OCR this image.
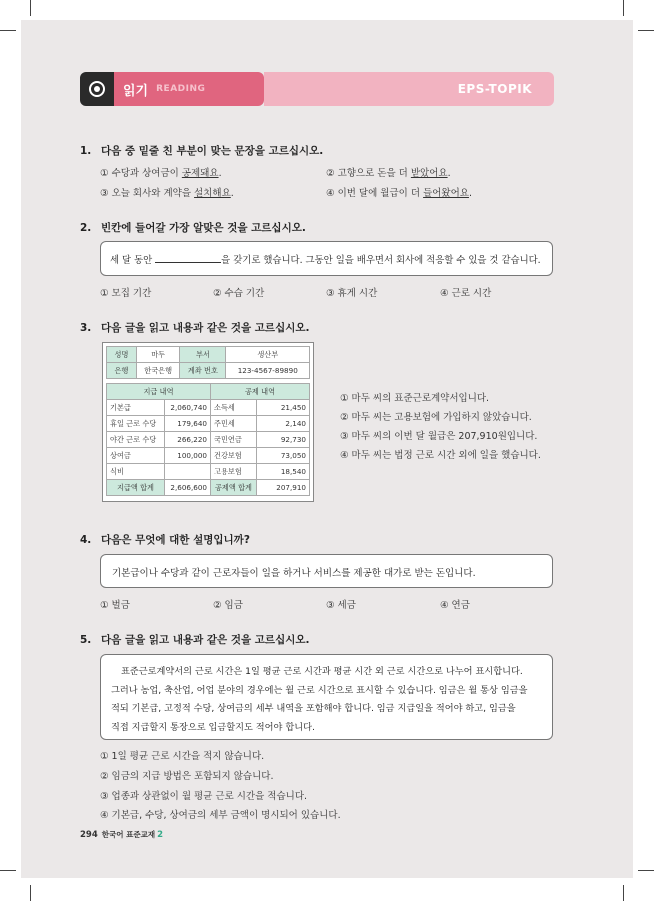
읽기 READING	EPS-TOPIK
1. 다음 중 밑줄 친 부분이 맞는 문장을 고르십시오.
① 수당과 상여금이 공제돼요.	② 고향으로 돈을 더 받았어요.
③ 오늘 회사와 계약을 설치해요.	④ 이번 달에 월급이 더 들어왔어요.
2. 빈칸에 들어갈 가장 알맞은 것을 고르십시오.
세 달 동안	을 갖기로 했습니다. 그동안 일을 배우면서 회사에 적응할 수 있을 것 같습니다.
① 모집 기간	② 수습 기간	③ 휴게 시간	④ 근로 시간
3. 다음 글을 읽고 내용과 같은 것을 고르십시오.
성명	마두	부서	생산부
은행	한국은행	계좌 번호	123-4567-89890
지급 내역		공제 내역	
기본급	2,060,740	소득세	21,450
휴일 근로 수당	179,640	주민세	2,140
야간 근로 수당	266,220	국민연금	92,730
상여금	100,000	건강보험	73,050
식비		고용보험	18,540
지급액 합계	2,606,600	공제액 합계	207,910
① 마두 씨의 표준근로계약서입니다.
② 마두 씨는 고용보험에 가입하지 않았습니다.
③ 마두 씨의 이번 달 월급은 207,910원입니다.
④ 마두 씨는 법정 근로 시간 외에 일을 했습니다.
4. 다음은 무엇에 대한 설명입니까?
기본급이나 수당과 같이 근로자들이 일을 하거나 서비스를 제공한 대가로 받는 돈입니다.
① 벌금	② 임금	③ 세금	④ 연금
5. 다음 글을 읽고 내용과 같은 것을 고르십시오.
표준근로계약서의 근로 시간은 1일 평균 근로 시간과 평균 시간 외 근로 시간으로 나누어 표시합니다.
그러나 농업, 축산업, 어업 분야의 경우에는 월 근로 시간으로 표시할 수 있습니다. 임금은 월 통상 임금을
적되 기본급, 고정적 수당, 상여금의 세부 내역을 포함해야 합니다. 임금 지급일을 적어야 하고, 임금을
직접 지급할지 통장으로 입금할지도 적어야 합니다.
① 1일 평균 근로 시간을 적지 않습니다.
② 임금의 지급 방법은 포함되지 않습니다.
③ 업종과 상관없이 월 평균 근로 시간을 적습니다.
④ 기본급, 수당, 상여금의 세부 금액이 명시되어 있습니다.
294 한국어 표준교재 2
